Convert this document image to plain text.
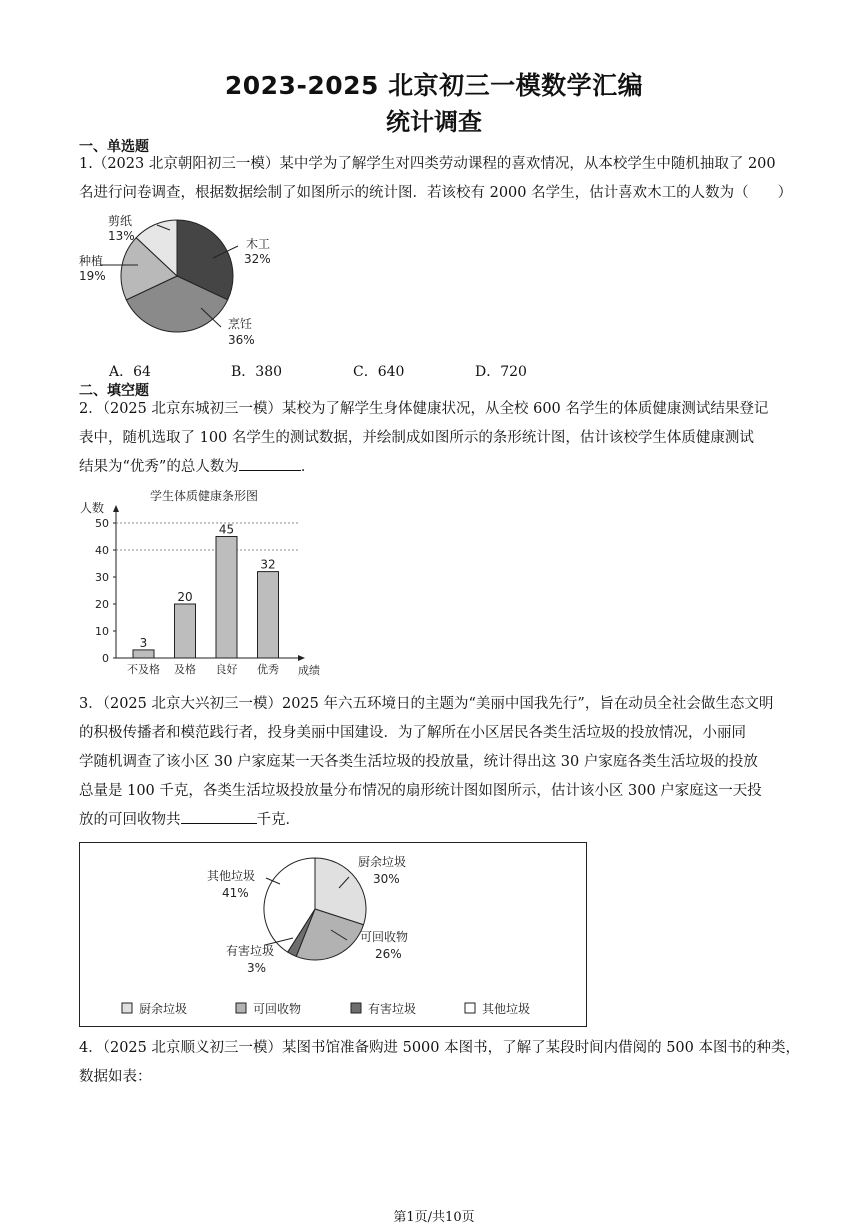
2023-2025 北京初三一模数学汇编
统计调查
一、单选题
1.（2023 北京朝阳初三一模）某中学为了解学生对四类劳动课程的喜欢情况，从本校学生中随机抽取了 200
名进行问卷调查，根据数据绘制了如图所示的统计图．若该校有 2000 名学生，估计喜欢木工的人数为（　　）
剪纸
13%
种植
19%
木工
32%
烹饪
36%
A．64	B．380	C．640	D．720
二、填空题
2．（2025 北京东城初三一模）某校为了解学生身体健康状况，从全校 600 名学生的体质健康测试结果登记
表中，随机选取了 100 名学生的测试数据，并绘制成如图所示的条形统计图，估计该校学生体质健康测试
结果为“优秀”的总人数为	．
学生体质健康条形图
人数
0
10
20
30
40
50
3
不及格
20
及格
45
良好
32
优秀 成绩
3．（2025 北京大兴初三一模）2025 年六五环境日的主题为“美丽中国我先行”，旨在动员全社会做生态文明
的积极传播者和模范践行者，投身美丽中国建设．为了解所在小区居民各类生活垃圾的投放情况，小丽同
学随机调查了该小区 30 户家庭某一天各类生活垃圾的投放量，统计得出这 30 户家庭各类生活垃圾的投放
总量是 100 千克，各类生活垃圾投放量分布情况的扇形统计图如图所示，估计该小区 300 户家庭这一天投
放的可回收物共	千克．
厨余垃圾
30%
其他垃圾
41%
可回收物
26%
有害垃圾
3%
厨余垃圾	可回收物	有害垃圾	其他垃圾
4．（2025 北京顺义初三一模）某图书馆准备购进 5000 本图书，了解了某段时间内借阅的 500 本图书的种类，
数据如表：
第1页/共10页
